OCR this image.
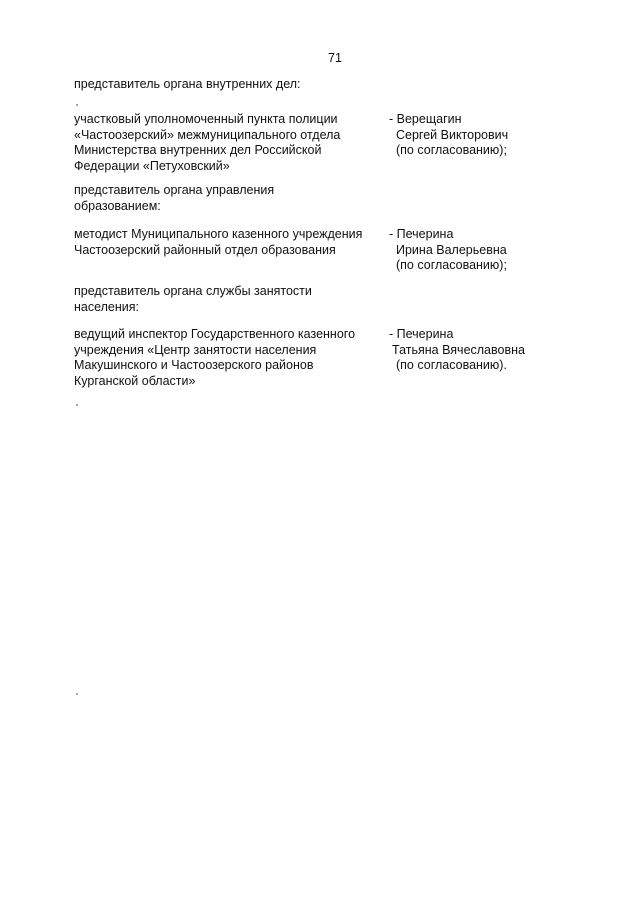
71
представитель органа внутренних дел:
участковый уполномоченный пункта полиции
«Частоозерский» межмуниципального отдела
Министерства внутренних дел Российской
Федерации «Петуховский»
- Верещагин
Сергей Викторович
(по согласованию);
представитель органа управления
образованием:
методист Муниципального казенного учреждения
Частоозерский районный отдел образования
- Печерина
Ирина Валерьевна
(по согласованию);
представитель органа службы занятости
населения:
ведущий инспектор Государственного казенного
учреждения «Центр занятости населения
Макушинского и Частоозерского районов
Курганской области»
- Печерина
Татьяна Вячеславовна
(по согласованию).
